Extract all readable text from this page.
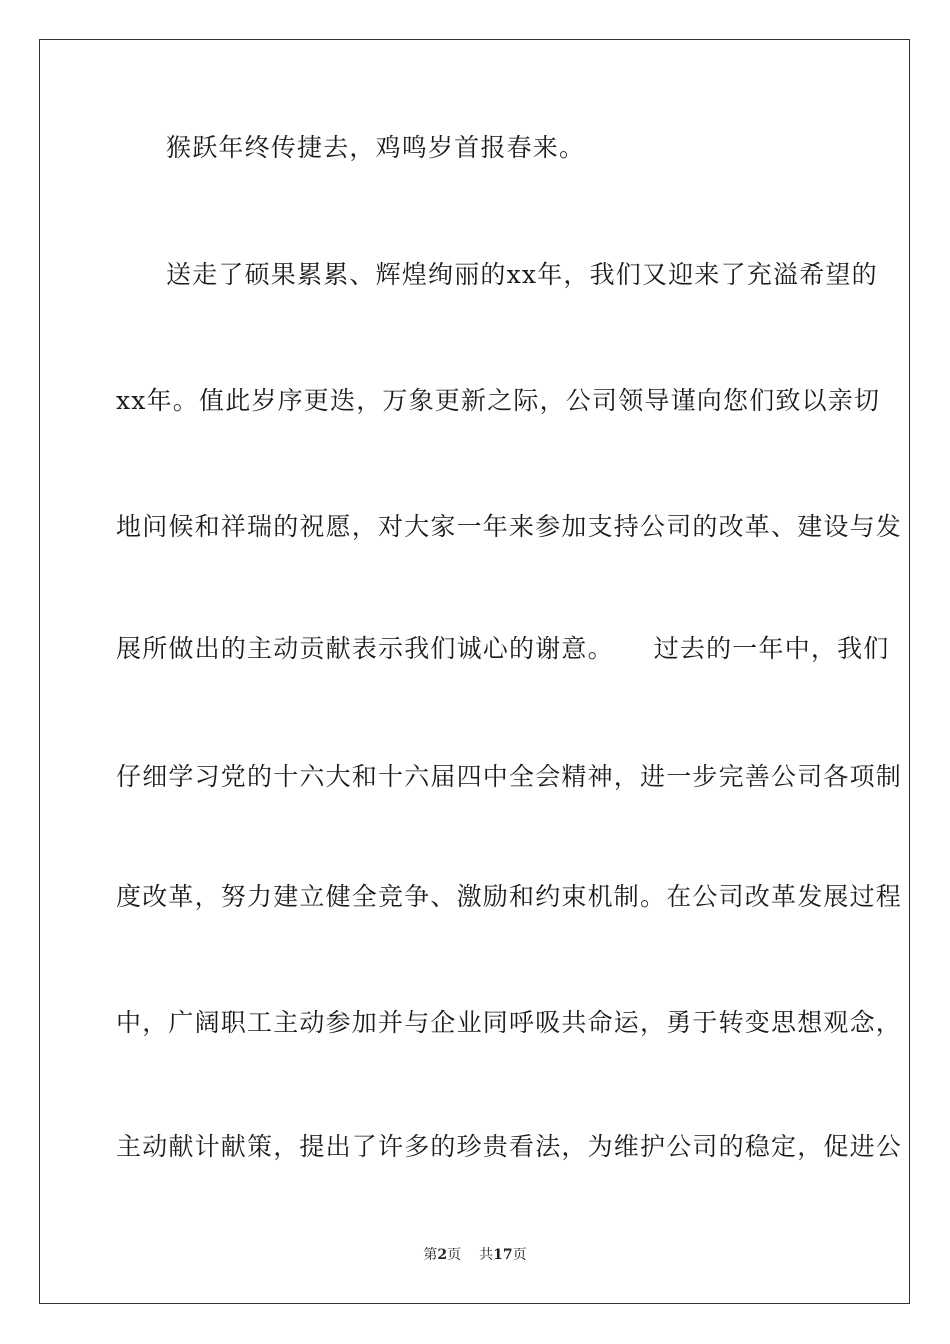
猴跃年终传捷去，鸡鸣岁首报春来。
送走了硕果累累、辉煌绚丽的xx年，我们又迎来了充溢希望的
xx年。值此岁序更迭，万象更新之际，公司领导谨向您们致以亲切
地问候和祥瑞的祝愿，对大家一年来参加支持公司的改革、建设与发
展所做出的主动贡献表示我们诚心的谢意。　　过去的一年中，我们
仔细学习党的十六大和十六届四中全会精神，进一步完善公司各项制
度改革，努力建立健全竞争、激励和约束机制。在公司改革发展过程
中，广阔职工主动参加并与企业同呼吸共命运，勇于转变思想观念，
主动献计献策，提出了许多的珍贵看法，为维护公司的稳定，促进公
第2页 共17页
